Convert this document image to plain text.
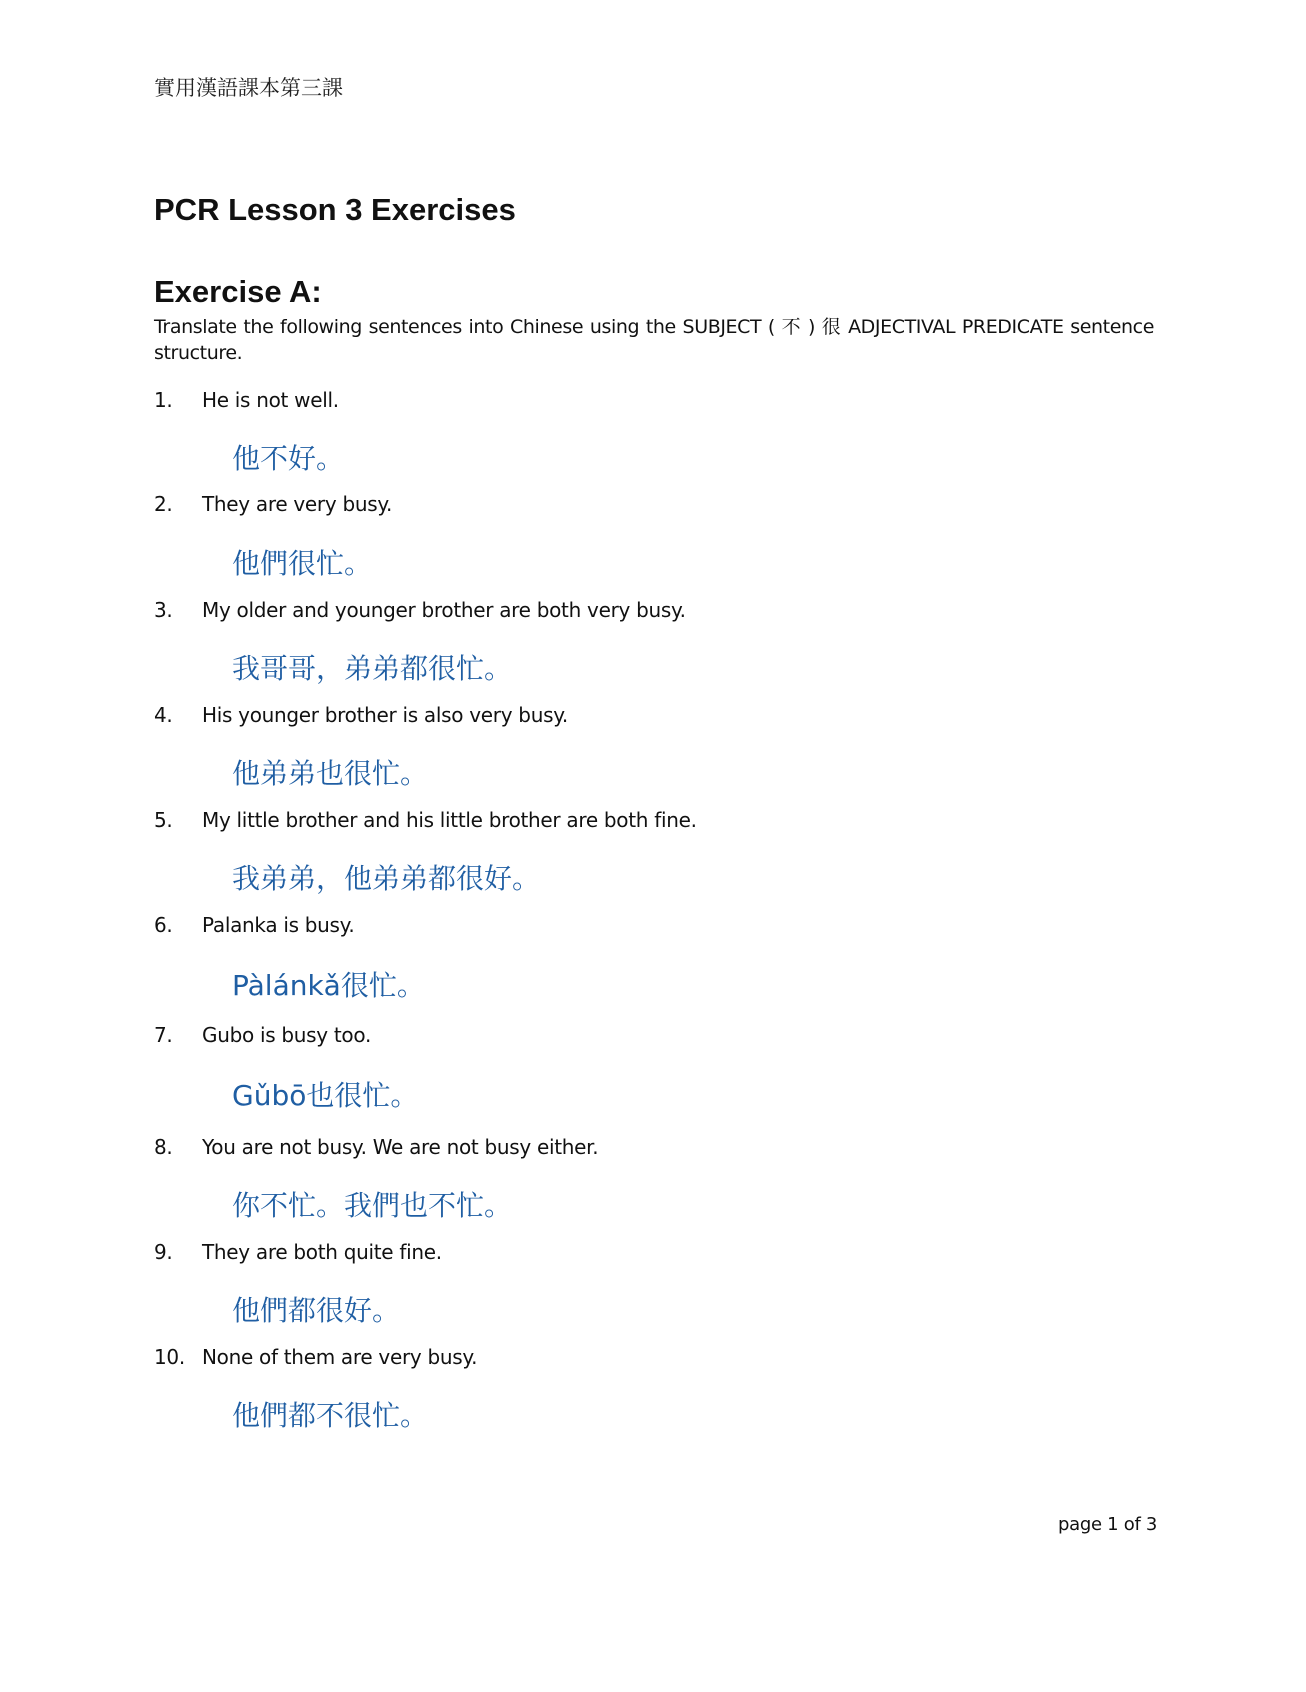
實用漢語課本第三課
PCR Lesson 3 Exercises
Exercise A:

Translate the following sentences into Chinese using the SUBJECT ( 不 ) 很 ADJECTIVAL PREDICATE sentence structure.

1. He is not well.
他不好。
2. They are very busy.
他們很忙。
3. My older and younger brother are both very busy.
我哥哥，弟弟都很忙。
4. His younger brother is also very busy.
他弟弟也很忙。
5. My little brother and his little brother are both fine.
我弟弟，他弟弟都很好。
6. Palanka is busy.
Pàlánkǎ很忙。
7. Gubo is busy too.
Gǔbō也很忙。
8. You are not busy. We are not busy either.
你不忙。我們也不忙。
9. They are both quite fine.
他們都很好。
10. None of them are very busy.
他們都不很忙。
page 1 of 3
